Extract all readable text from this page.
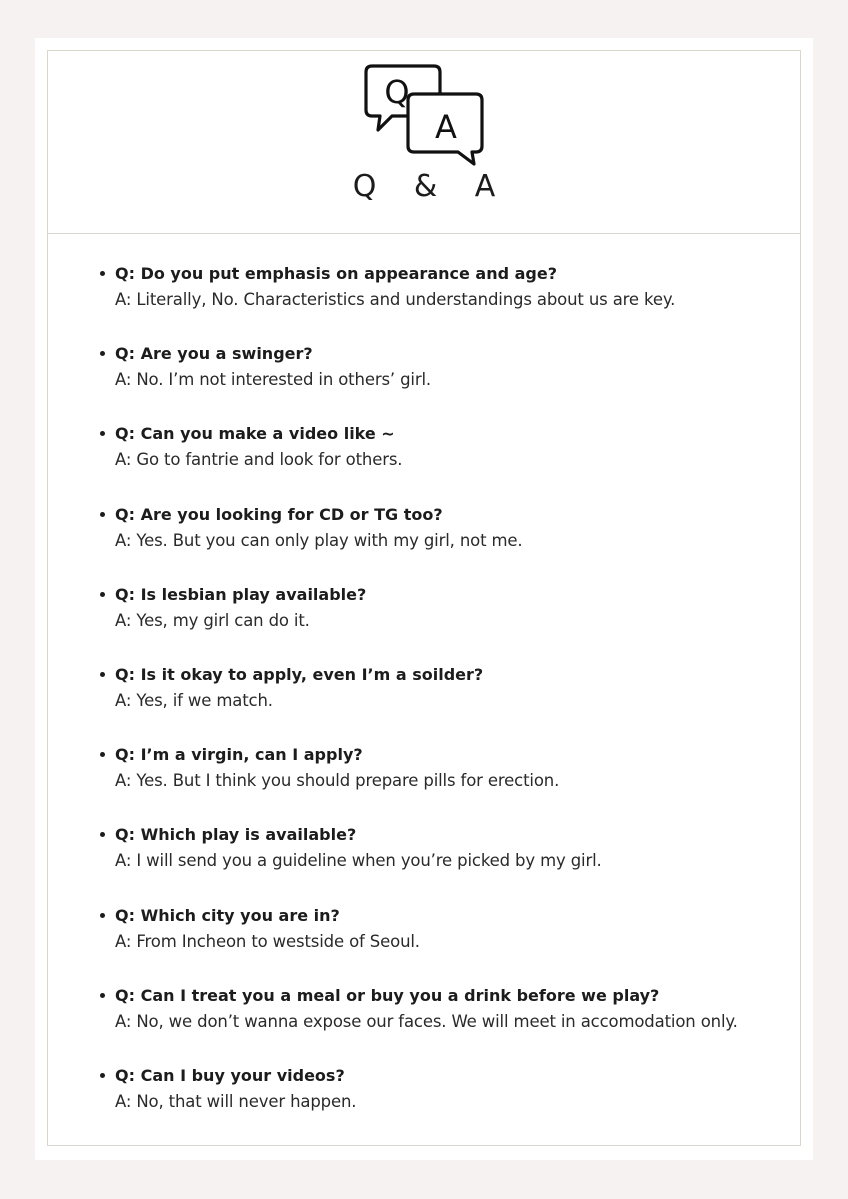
Q
A
Q & A
Q: Do you put emphasis on appearance and age?
A: Literally, No. Characteristics and understandings about us are key.
Q: Are you a swinger?
A: No. I’m not interested in others’ girl.
Q: Can you make a video like ~
A: Go to fantrie and look for others.
Q: Are you looking for CD or TG too?
A: Yes. But you can only play with my girl, not me.
Q: Is lesbian play available?
A: Yes, my girl can do it.
Q: Is it okay to apply, even I’m a soilder?
A: Yes, if we match.
Q: I’m a virgin, can I apply?
A: Yes. But I think you should prepare pills for erection.
Q: Which play is available?
A: I will send you a guideline when you’re picked by my girl.
Q: Which city you are in?
A: From Incheon to westside of Seoul.
Q: Can I treat you a meal or buy you a drink before we play?
A: No, we don’t wanna expose our faces. We will meet in accomodation only.
Q: Can I buy your videos?
A: No, that will never happen.
